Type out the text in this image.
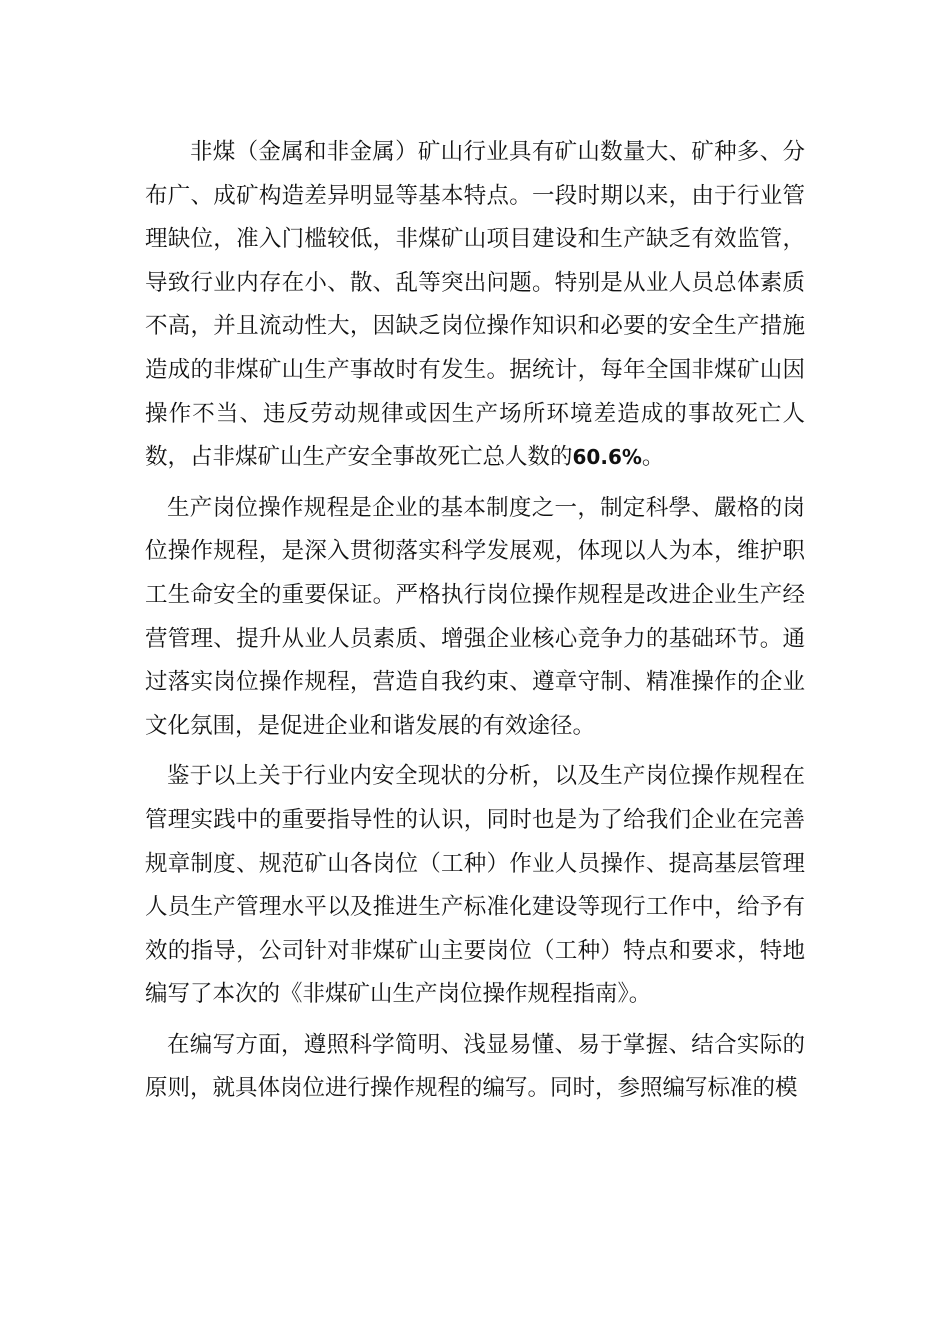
非煤（金属和非金属）矿山行业具有矿山数量大、矿种多、分布广、成矿构造差异明显等基本特点。一段时期以来，由于行业管理缺位，准入门槛较低，非煤矿山项目建设和生产缺乏有效监管，导致行业内存在小、散、乱等突出问题。特别是从业人员总体素质不高，并且流动性大，因缺乏岗位操作知识和必要的安全生产措施造成的非煤矿山生产事故时有发生。据统计，每年全国非煤矿山因操作不当、违反劳动规律或因生产场所环境差造成的事故死亡人数，占非煤矿山生产安全事故死亡总人数的60.6%。

生产岗位操作规程是企业的基本制度之一，制定科學、嚴格的岗位操作规程，是深入贯彻落实科学发展观，体现以人为本，维护职工生命安全的重要保证。严格执行岗位操作规程是改进企业生产经营管理、提升从业人员素质、增强企业核心竞争力的基础环节。通过落实岗位操作规程，营造自我约束、遵章守制、精准操作的企业文化氛围，是促进企业和谐发展的有效途径。

鉴于以上关于行业内安全现状的分析，以及生产岗位操作规程在管理实践中的重要指导性的认识，同时也是为了给我们企业在完善规章制度、规范矿山各岗位（工种）作业人员操作、提高基层管理人员生产管理水平以及推进生产标准化建设等现行工作中，给予有效的指导，公司针对非煤矿山主要岗位（工种）特点和要求，特地编写了本次的《非煤矿山生产岗位操作规程指南》。

在编写方面，遵照科学简明、浅显易懂、易于掌握、结合实际的原则，就具体岗位进行操作规程的编写。同时，参照编写标准的模
